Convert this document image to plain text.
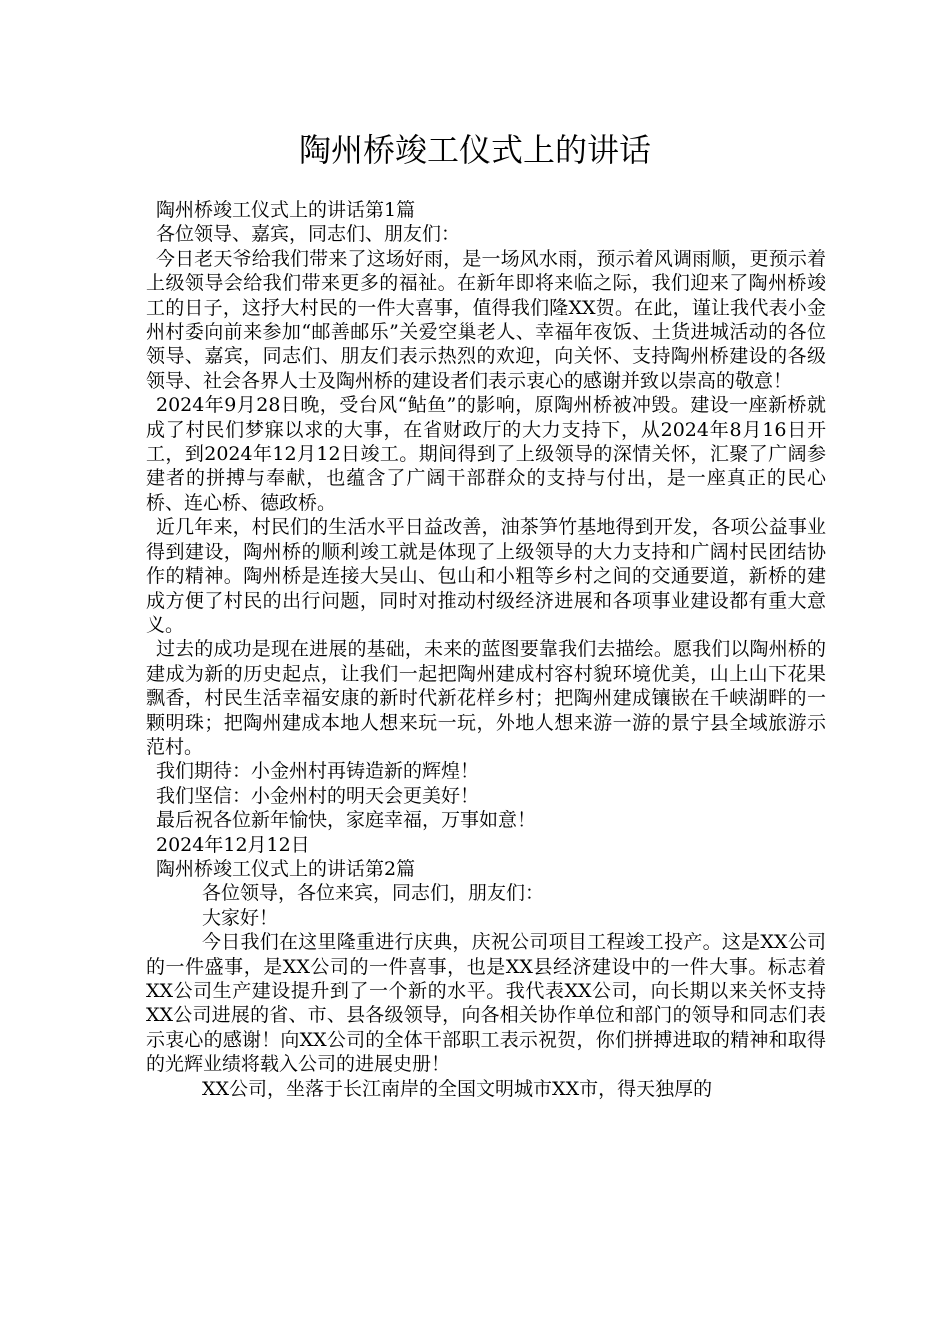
陶州桥竣工仪式上的讲话

陶州桥竣工仪式上的讲话第1篇

各位领导、嘉宾，同志们、朋友们：

今日老天爷给我们带来了这场好雨，是一场风水雨，预示着风调雨顺，更预示着上级领导会给我们带来更多的福祉。在新年即将来临之际，我们迎来了陶州桥竣工的日子，这抒大村民的一件大喜事，值得我们隆XX贺。在此，谨让我代表小金州村委向前来参加“邮善邮乐”关爱空巢老人、幸福年夜饭、土货进城活动的各位领导、嘉宾，同志们、朋友们表示热烈的欢迎，向关怀、支持陶州桥建设的各级领导、社会各界人士及陶州桥的建设者们表示衷心的感谢并致以崇高的敬意！

2024年9月28日晚，受台风“鲇鱼”的影响，原陶州桥被冲毁。建设一座新桥就成了村民们梦寐以求的大事，在省财政厅的大力支持下，从2024年8月16日开工，到2024年12月12日竣工。期间得到了上级领导的深情关怀，汇聚了广阔参建者的拼搏与奉献，也蕴含了广阔干部群众的支持与付出，是一座真正的民心桥、连心桥、德政桥。

近几年来，村民们的生活水平日益改善，油茶笋竹基地得到开发，各项公益事业得到建设，陶州桥的顺利竣工就是体现了上级领导的大力支持和广阔村民团结协作的精神。陶州桥是连接大吴山、包山和小粗等乡村之间的交通要道，新桥的建成方便了村民的出行问题，同时对推动村级经济进展和各项事业建设都有重大意义。

过去的成功是现在进展的基础，未来的蓝图要靠我们去描绘。愿我们以陶州桥的建成为新的历史起点，让我们一起把陶州建成村容村貌环境优美，山上山下花果飘香，村民生活幸福安康的新时代新花样乡村；把陶州建成镶嵌在千峡湖畔的一颗明珠；把陶州建成本地人想来玩一玩，外地人想来游一游的景宁县全域旅游示范村。

我们期待：小金州村再铸造新的辉煌！

我们坚信：小金州村的明天会更美好！

最后祝各位新年愉快，家庭幸福，万事如意！

2024年12月12日

陶州桥竣工仪式上的讲话第2篇

各位领导，各位来宾，同志们，朋友们：

大家好！

今日我们在这里隆重进行庆典，庆祝公司项目工程竣工投产。这是XX公司的一件盛事，是XX公司的一件喜事，也是XX县经济建设中的一件大事。标志着XX公司生产建设提升到了一个新的水平。我代表XX公司，向长期以来关怀支持XX公司进展的省、市、县各级领导，向各相关协作单位和部门的领导和同志们表示衷心的感谢！向XX公司的全体干部职工表示祝贺，你们拼搏进取的精神和取得的光辉业绩将载入公司的进展史册！

XX公司，坐落于长江南岸的全国文明城市XX市，得天独厚的
